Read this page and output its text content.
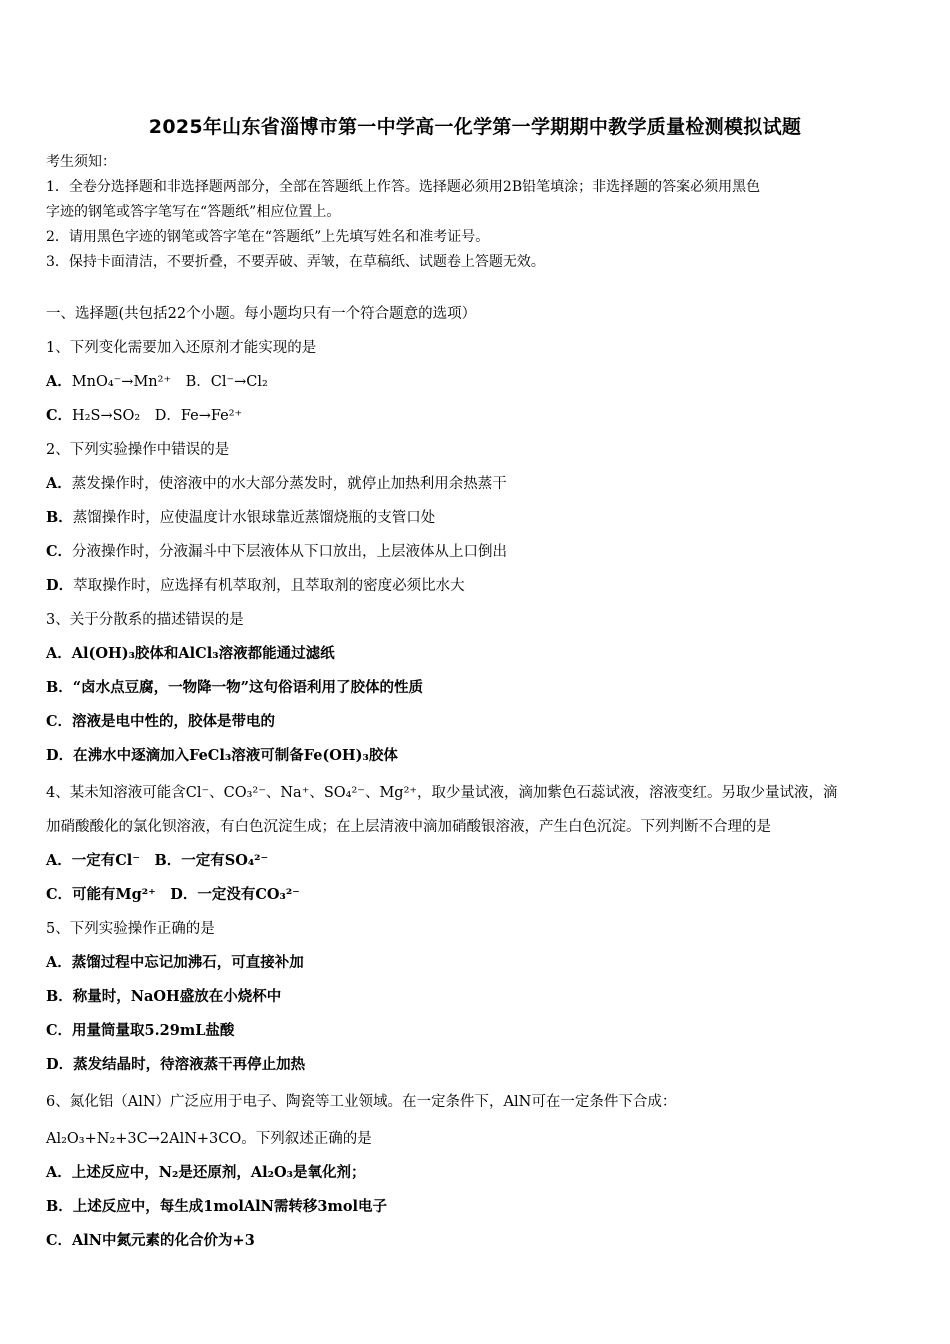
2025年山东省淄博市第一中学高一化学第一学期期中教学质量检测模拟试题
考生须知：
1．全卷分选择题和非选择题两部分，全部在答题纸上作答。选择题必须用2B铅笔填涂；非选择题的答案必须用黑色
字迹的钢笔或答字笔写在“答题纸”相应位置上。
2．请用黑色字迹的钢笔或答字笔在“答题纸”上先填写姓名和准考证号。
3．保持卡面清洁，不要折叠，不要弄破、弄皱，在草稿纸、试题卷上答题无效。
一、选择题(共包括22个小题。每小题均只有一个符合题意的选项）
1、下列变化需要加入还原剂才能实现的是
A．MnO₄⁻→Mn²⁺　B．Cl⁻→Cl₂
C．H₂S→SO₂　D．Fe→Fe²⁺
2、下列实验操作中错误的是
A．蒸发操作时，使溶液中的水大部分蒸发时，就停止加热利用余热蒸干
B．蒸馏操作时，应使温度计水银球靠近蒸馏烧瓶的支管口处
C．分液操作时，分液漏斗中下层液体从下口放出，上层液体从上口倒出
D．萃取操作时，应选择有机萃取剂，且萃取剂的密度必须比水大
3、关于分散系的描述错误的是
A．Al(OH)₃胶体和AlCl₃溶液都能通过滤纸
B．“卤水点豆腐，一物降一物”这句俗语利用了胶体的性质
C．溶液是电中性的，胶体是带电的
D．在沸水中逐滴加入FeCl₃溶液可制备Fe(OH)₃胶体
4、某未知溶液可能含Cl⁻、CO₃²⁻、Na⁺、SO₄²⁻、Mg²⁺，取少量试液，滴加紫色石蕊试液，溶液变红。另取少量试液，滴
加硝酸酸化的氯化钡溶液，有白色沉淀生成；在上层清液中滴加硝酸银溶液，产生白色沉淀。下列判断不合理的是
A．一定有Cl⁻　B．一定有SO₄²⁻
C．可能有Mg²⁺　D．一定没有CO₃²⁻
5、下列实验操作正确的是
A．蒸馏过程中忘记加沸石，可直接补加
B．称量时，NaOH盛放在小烧杯中
C．用量筒量取5.29mL盐酸
D．蒸发结晶时，待溶液蒸干再停止加热
6、氮化铝（AlN）广泛应用于电子、陶瓷等工业领域。在一定条件下，AlN可在一定条件下合成：
Al₂O₃+N₂+3C→2AlN+3CO。下列叙述正确的是
A．上述反应中，N₂是还原剂，Al₂O₃是氧化剂；
B．上述反应中，每生成1molAlN需转移3mol电子
C．AlN中氮元素的化合价为+3
